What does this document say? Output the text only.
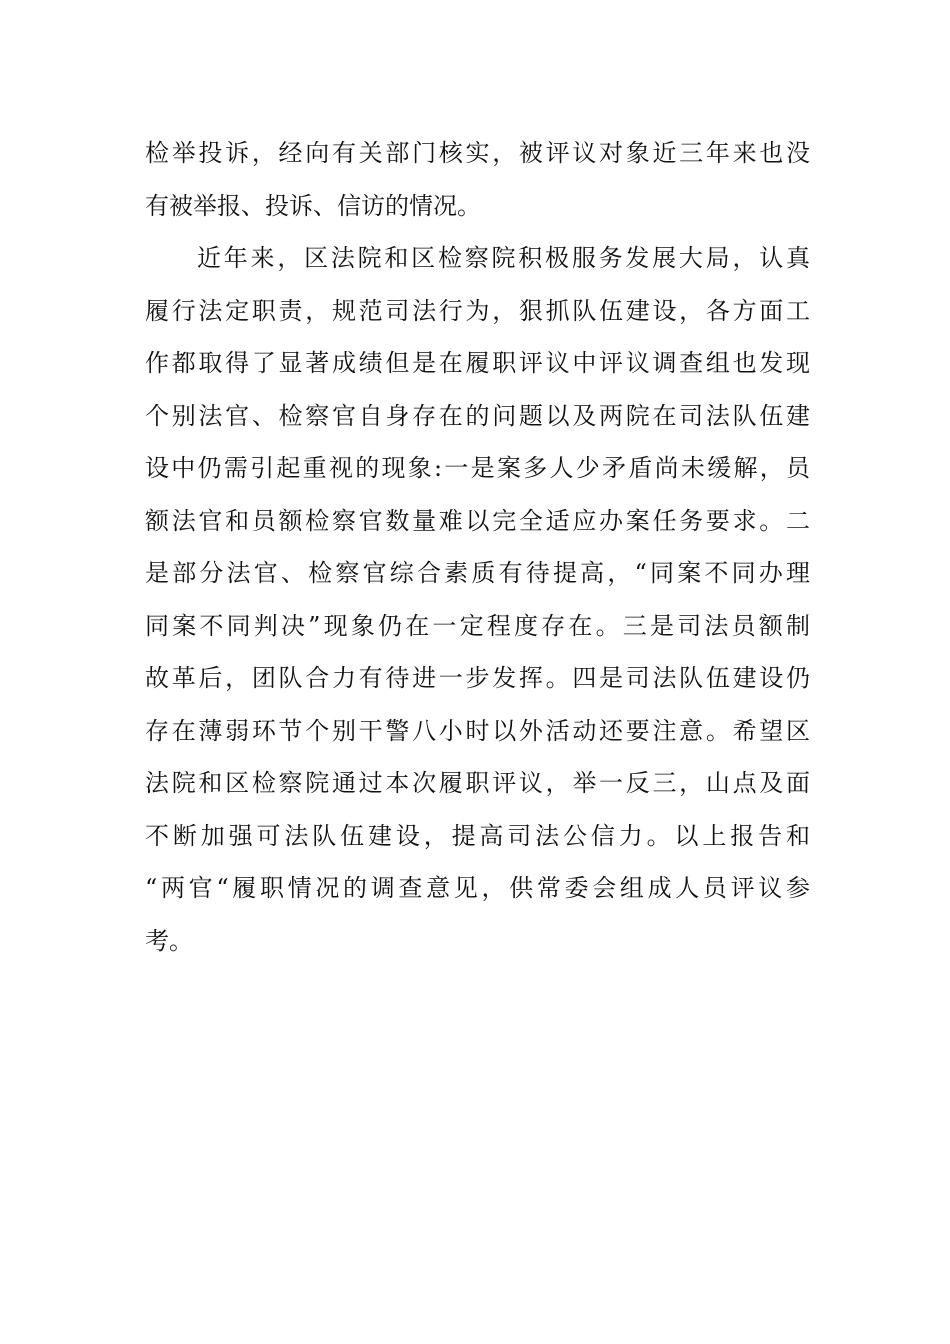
检举投诉，经向有关部门核实，被评议对象近三年来也没
有被举报、投诉、信访的情况。
近年来，区法院和区检察院积极服务发展大局，认真
履行法定职责，规范司法行为，狠抓队伍建设，各方面工
作都取得了显著成绩但是在履职评议中评议调查组也发现
个别法官、检察官自身存在的问题以及两院在司法队伍建
设中仍需引起重视的现象:一是案多人少矛盾尚未缓解，员
额法官和员额检察官数量难以完全适应办案任务要求。二
是部分法官、检察官综合素质有待提高，“同案不同办理
同案不同判决”现象仍在一定程度存在。三是司法员额制
故革后，团队合力有待进一步发挥。四是司法队伍建设仍
存在薄弱环节个别干警八小时以外活动还要注意。希望区
法院和区检察院通过本次履职评议，举一反三，山点及面
不断加强可法队伍建设，提高司法公信力。以上报告和
“两官“履职情况的调查意见，供常委会组成人员评议参
考。
